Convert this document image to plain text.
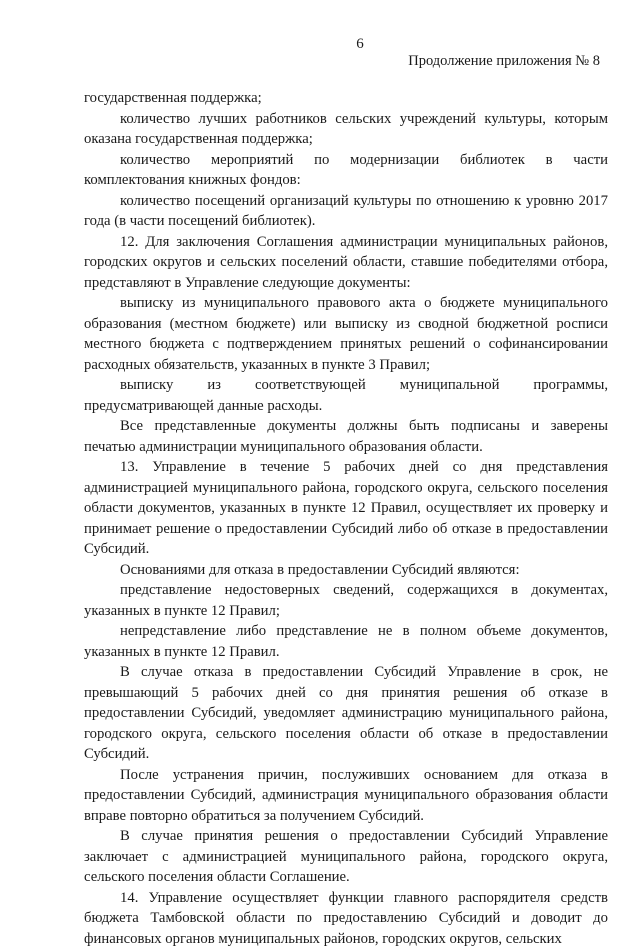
6
Продолжение приложения № 8

государственная поддержка;

количество лучших работников сельских учреждений культуры, которым оказана государственная поддержка;

количество мероприятий по модернизации библиотек в части комплектования книжных фондов:

количество посещений организаций культуры по отношению к уровню 2017 года (в части посещений библиотек).

12. Для заключения Соглашения администрации муниципальных районов, городских округов и сельских поселений области, ставшие победителями отбора, представляют в Управление следующие документы:

выписку из муниципального правового акта о бюджете муниципального образования (местном бюджете) или выписку из сводной бюджетной росписи местного бюджета с подтверждением принятых решений о софинансировании расходных обязательств, указанных в пункте 3 Правил;

выписку из соответствующей муниципальной программы, предусматривающей данные расходы.

Все представленные документы должны быть подписаны и заверены печатью администрации муниципального образования области.

13. Управление в течение 5 рабочих дней со дня представления администрацией муниципального района, городского округа, сельского поселения области документов, указанных в пункте 12 Правил, осуществляет их проверку и принимает решение о предоставлении Субсидий либо об отказе в предоставлении Субсидий.

Основаниями для отказа в предоставлении Субсидий являются:

представление недостоверных сведений, содержащихся в документах, указанных в пункте 12 Правил;

непредставление либо представление не в полном объеме документов, указанных в пункте 12 Правил.

В случае отказа в предоставлении Субсидий Управление в срок, не превышающий 5 рабочих дней со дня принятия решения об отказе в предоставлении Субсидий, уведомляет администрацию муниципального района, городского округа, сельского поселения области об отказе в предоставлении Субсидий.

После устранения причин, послуживших основанием для отказа в предоставлении Субсидий, администрация муниципального образования области вправе повторно обратиться за получением Субсидий.

В случае принятия решения о предоставлении Субсидий Управление заключает с администрацией муниципального района, городского округа, сельского поселения области Соглашение.

14. Управление осуществляет функции главного распорядителя средств бюджета Тамбовской области по предоставлению Субсидий и доводит до финансовых органов муниципальных районов, городских округов, сельских
